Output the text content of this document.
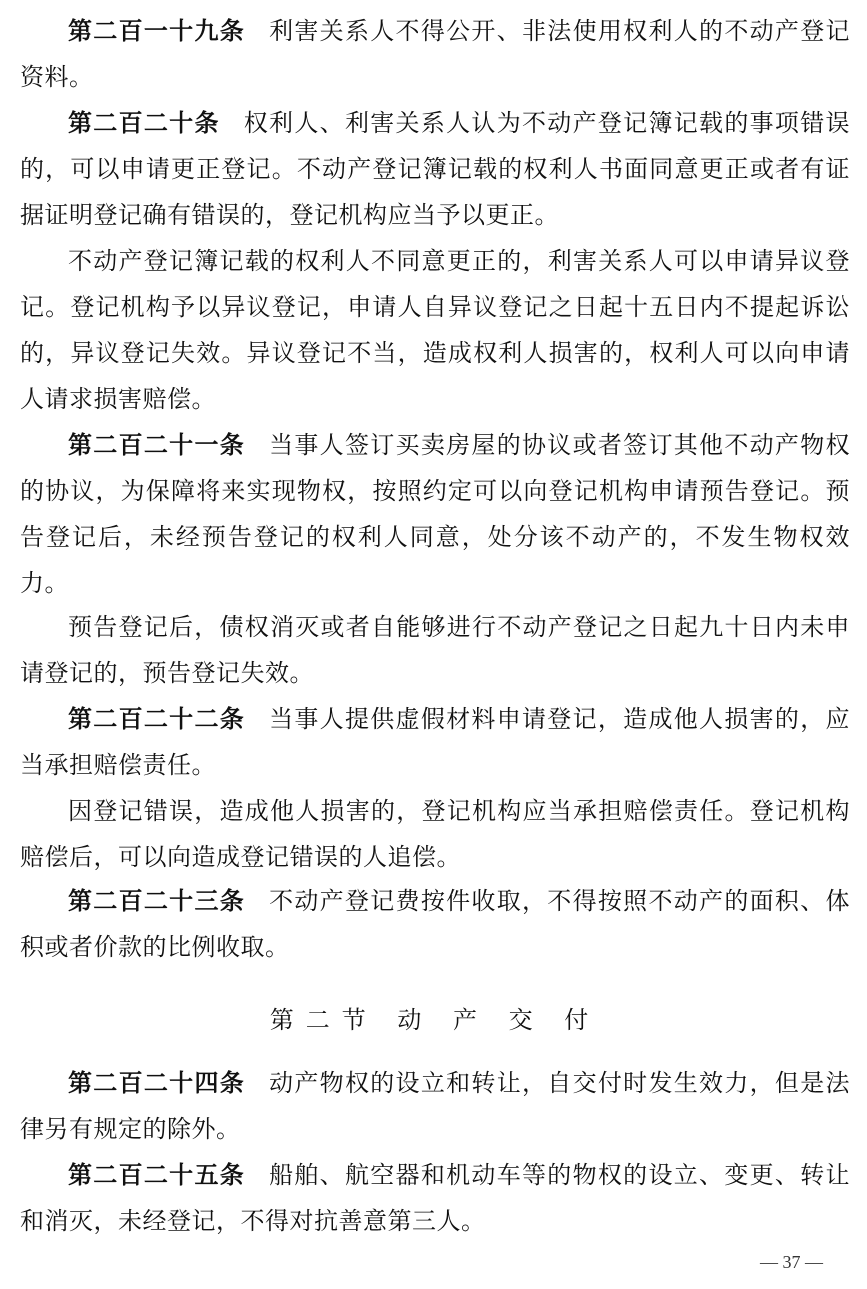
第二百一十九条 利害关系人不得公开、非法使用权利人的不动产登记资料。

第二百二十条 权利人、利害关系人认为不动产登记簿记载的事项错误的，可以申请更正登记。不动产登记簿记载的权利人书面同意更正或者有证据证明登记确有错误的，登记机构应当予以更正。

不动产登记簿记载的权利人不同意更正的，利害关系人可以申请异议登记。登记机构予以异议登记，申请人自异议登记之日起十五日内不提起诉讼的，异议登记失效。异议登记不当，造成权利人损害的，权利人可以向申请人请求损害赔偿。

第二百二十一条 当事人签订买卖房屋的协议或者签订其他不动产物权的协议，为保障将来实现物权，按照约定可以向登记机构申请预告登记。预告登记后，未经预告登记的权利人同意，处分该不动产的，不发生物权效力。

预告登记后，债权消灭或者自能够进行不动产登记之日起九十日内未申请登记的，预告登记失效。

第二百二十二条 当事人提供虚假材料申请登记，造成他人损害的，应当承担赔偿责任。

因登记错误，造成他人损害的，登记机构应当承担赔偿责任。登记机构赔偿后，可以向造成登记错误的人追偿。

第二百二十三条 不动产登记费按件收取，不得按照不动产的面积、体积或者价款的比例收取。

第二节 动 产 交 付

第二百二十四条 动产物权的设立和转让，自交付时发生效力，但是法律另有规定的除外。

第二百二十五条 船舶、航空器和机动车等的物权的设立、变更、转让和消灭，未经登记，不得对抗善意第三人。

— 37 —
